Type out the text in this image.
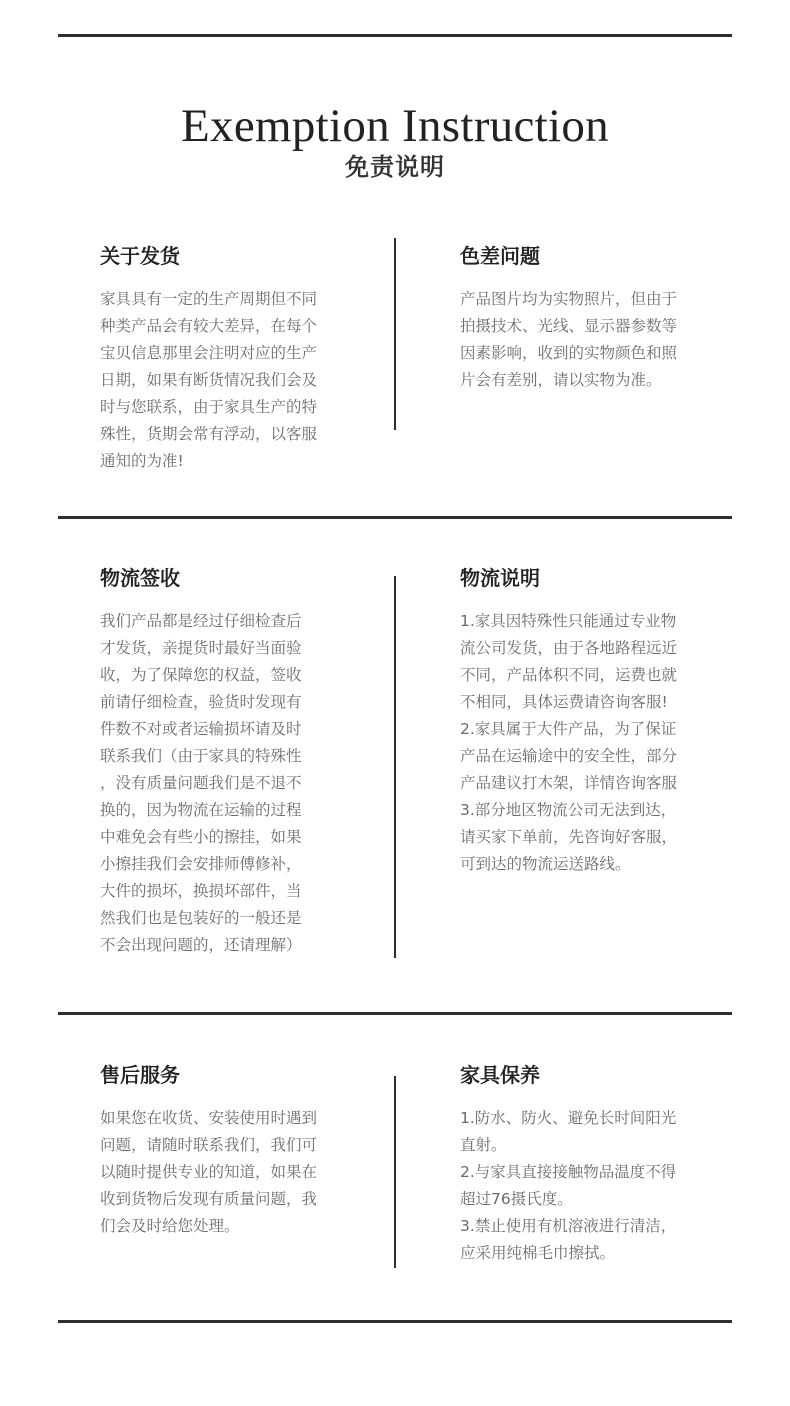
Exemption Instruction
免责说明
关于发货
家具具有一定的生产周期但不同
种类产品会有较大差异，在每个
宝贝信息那里会注明对应的生产
日期，如果有断货情况我们会及
时与您联系，由于家具生产的特
殊性，货期会常有浮动，以客服
通知的为准!
色差问题
产品图片均为实物照片，但由于
拍摄技术、光线、显示器参数等
因素影响，收到的实物颜色和照
片会有差别，请以实物为准。
物流签收
我们产品都是经过仔细检查后
才发货，亲提货时最好当面验
收，为了保障您的权益，签收
前请仔细检查，验货时发现有
件数不对或者运输损坏请及时
联系我们（由于家具的特殊性
，没有质量问题我们是不退不
换的，因为物流在运输的过程
中难免会有些小的擦挂，如果
小擦挂我们会安排师傅修补，
大件的损坏，换损坏部件，当
然我们也是包装好的一般还是
不会出现问题的，还请理解）
物流说明
1.家具因特殊性只能通过专业物
流公司发货，由于各地路程远近
不同，产品体积不同，运费也就
不相同，具体运费请咨询客服!
2.家具属于大件产品，为了保证
产品在运输途中的安全性，部分
产品建议打木架，详情咨询客服
3.部分地区物流公司无法到达，
请买家下单前，先咨询好客服，
可到达的物流运送路线。
售后服务
如果您在收货、安装使用时遇到
问题，请随时联系我们，我们可
以随时提供专业的知道，如果在
收到货物后发现有质量问题，我
们会及时给您处理。
家具保养
1.防水、防火、避免长时间阳光
直射。
2.与家具直接接触物品温度不得
超过76摄氏度。
3.禁止使用有机溶液进行清洁，
应采用纯棉毛巾擦拭。
